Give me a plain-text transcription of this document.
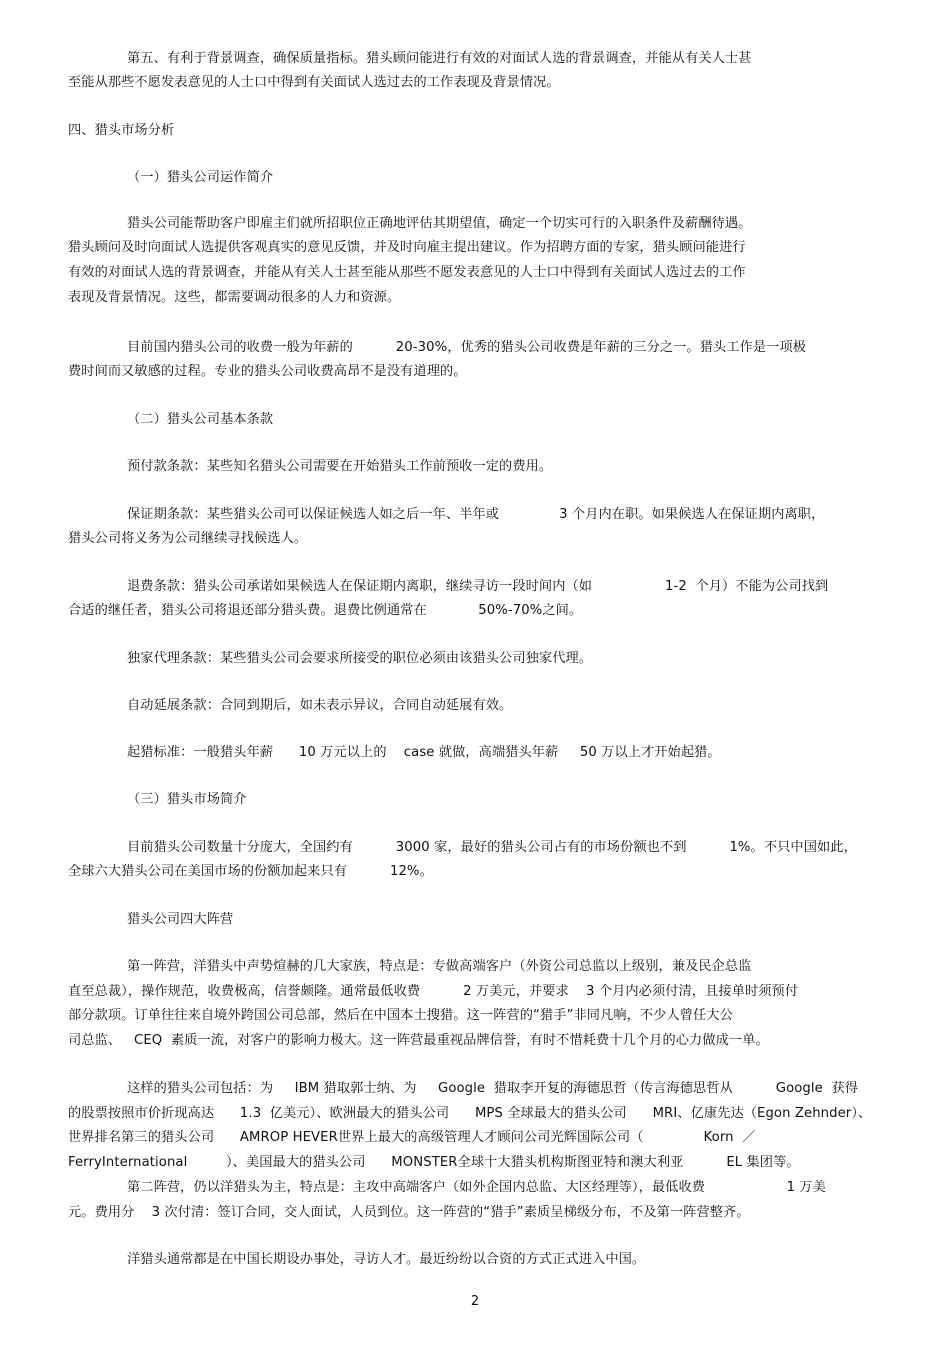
第五、有利于背景调查，确保质量指标。猎头顾问能进行有效的对面试人选的背景调查，并能从有关人士甚

至能从那些不愿发表意见的人士口中得到有关面试人选过去的工作表现及背景情况。

四、猎头市场分析

（一）猎头公司运作简介

猎头公司能帮助客户即雇主们就所招职位正确地评估其期望值，确定一个切实可行的入职条件及薪酬待遇。

猎头顾问及时向面试人选提供客观真实的意见反馈，并及时向雇主提出建议。作为招聘方面的专家，猎头顾问能进行

有效的对面试人选的背景调查，并能从有关人士甚至能从那些不愿发表意见的人士口中得到有关面试人选过去的工作

表现及背景情况。这些，都需要调动很多的人力和资源。

目前国内猎头公司的收费一般为年薪的          20-30%，优秀的猎头公司收费是年薪的三分之一。猎头工作是一项极

费时间而又敏感的过程。专业的猎头公司收费高昂不是没有道理的。

（二）猎头公司基本条款

预付款条款：某些知名猎头公司需要在开始猎头工作前预收一定的费用。

保证期条款：某些猎头公司可以保证候选人如之后一年、半年或              3 个月内在职。如果候选人在保证期内离职，

猎头公司将义务为公司继续寻找候选人。

退费条款：猎头公司承诺如果候选人在保证期内离职，继续寻访一段时间内（如                 1-2  个月）不能为公司找到

合适的继任者，猎头公司将退还部分猎头费。退费比例通常在            50%-70%之间。

独家代理条款：某些猎头公司会要求所接受的职位必须由该猎头公司独家代理。

自动延展条款：合同到期后，如未表示异议，合同自动延展有效。

起猎标准：一般猎头年薪      10 万元以上的    case 就做，高端猎头年薪     50 万以上才开始起猎。

（三）猎头市场简介

目前猎头公司数量十分庞大，全国约有          3000 家，最好的猎头公司占有的市场份额也不到          1%。不只中国如此，

全球六大猎头公司在美国市场的份额加起来只有          12%。

猎头公司四大阵营

第一阵营，洋猎头中声势煊赫的几大家族，特点是：专做高端客户（外资公司总监以上级别，兼及民企总监

直至总裁），操作规范，收费极高，信誉颇隆。通常最低收费          2 万美元，并要求    3 个月内必须付清，且接单时须预付

部分款项。订单往往来自境外跨国公司总部，然后在中国本土搜猎。这一阵营的“猎手”非同凡响，不少人曾任大公

司总监、   CEQ  素质一流，对客户的影响力极大。这一阵营最重视品牌信誉，有时不惜耗费十几个月的心力做成一单。

这样的猎头公司包括：为     IBM 猎取郭士纳、为     Google  猎取李开复的海德思哲（传言海德思哲从          Google  获得

的股票按照市价折现高达      1.3  亿美元）、欧洲最大的猎头公司      MPS 全球最大的猎头公司      MRI、亿康先达（Egon Zehnder）、

世界排名第三的猎头公司      AMROP HEVER世界上最大的高级管理人才顾问公司光辉国际公司（              Korn  ／

FerryInternational         ）、美国最大的猎头公司      MONSTER全球十大猎头机构斯图亚特和澳大利亚          EL 集团等。

第二阵营，仍以洋猎头为主，特点是：主攻中高端客户（如外企国内总监、大区经理等），最低收费                   1 万美

元。费用分    3 次付清：签订合同，交人面试，人员到位。这一阵营的“猎手”素质呈梯级分布，不及第一阵营整齐。

洋猎头通常都是在中国长期设办事处，寻访人才。最近纷纷以合资的方式正式进入中国。

2
